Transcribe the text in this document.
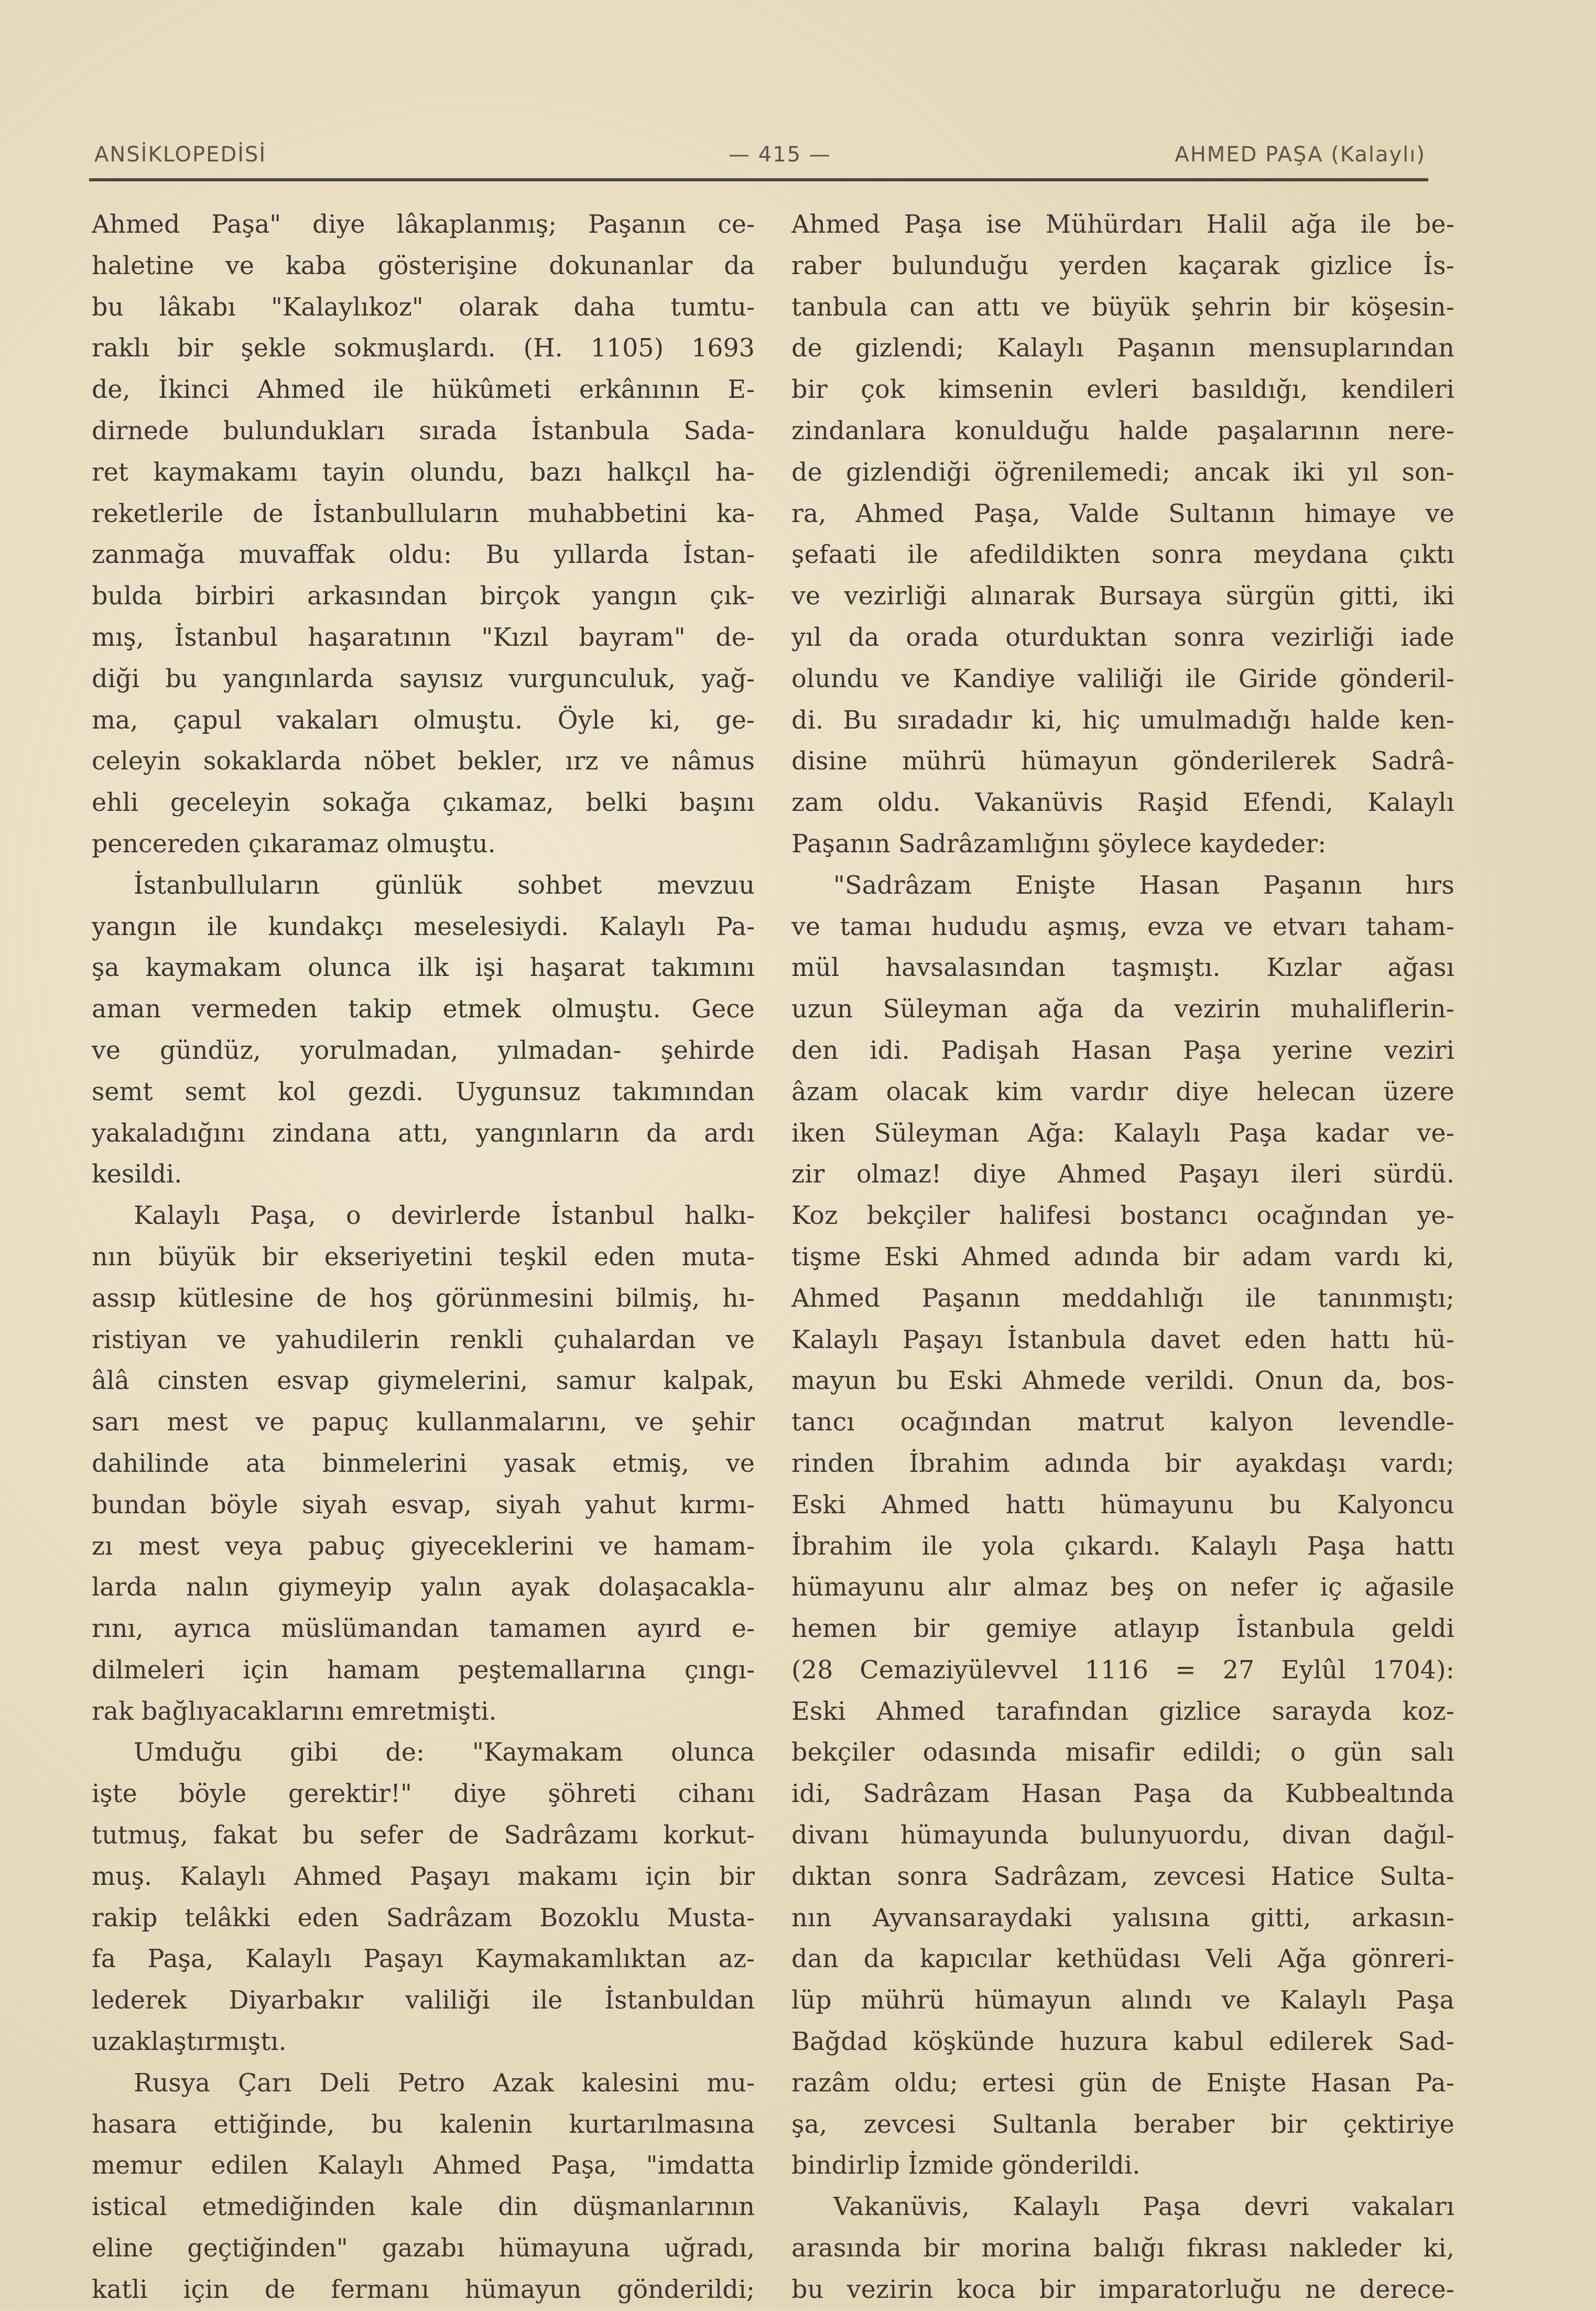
ANSİKLOPEDİSİ	— 415 —	AHMED PAŞA (Kalaylı)
Ahmed Paşa" diye lâkaplanmış; Paşanın ce-
haletine ve kaba gösterişine dokunanlar da
bu lâkabı "Kalaylıkoz" olarak daha tumtu-
raklı bir şekle sokmuşlardı. (H. 1105) 1693
de, İkinci Ahmed ile hükûmeti erkânının E-
dirnede bulundukları sırada İstanbula Sada-
ret kaymakamı tayin olundu, bazı halkçıl ha-
reketlerile de İstanbulluların muhabbetini ka-
zanmağa muvaffak oldu: Bu yıllarda İstan-
bulda birbiri arkasından birçok yangın çık-
mış, İstanbul haşaratının "Kızıl bayram" de-
diği bu yangınlarda sayısız vurgunculuk, yağ-
ma, çapul vakaları olmuştu. Öyle ki, ge-
celeyin sokaklarda nöbet bekler, ırz ve nâmus
ehli geceleyin sokağa çıkamaz, belki başını
pencereden çıkaramaz olmuştu.
İstanbulluların günlük sohbet mevzuu
yangın ile kundakçı meselesiydi. Kalaylı Pa-
şa kaymakam olunca ilk işi haşarat takımını
aman vermeden takip etmek olmuştu. Gece
ve gündüz, yorulmadan, yılmadan- şehirde
semt semt kol gezdi. Uygunsuz takımından
yakaladığını zindana attı, yangınların da ardı
kesildi.
Kalaylı Paşa, o devirlerde İstanbul halkı-
nın büyük bir ekseriyetini teşkil eden muta-
assıp kütlesine de hoş görünmesini bilmiş, hı-
ristiyan ve yahudilerin renkli çuhalardan ve
âlâ cinsten esvap giymelerini, samur kalpak,
sarı mest ve papuç kullanmalarını, ve şehir
dahilinde ata binmelerini yasak etmiş, ve
bundan böyle siyah esvap, siyah yahut kırmı-
zı mest veya pabuç giyeceklerini ve hamam-
larda nalın giymeyip yalın ayak dolaşacakla-
rını, ayrıca müslümandan tamamen ayırd e-
dilmeleri için hamam peştemallarına çıngı-
rak bağlıyacaklarını emretmişti.
Umduğu gibi de: "Kaymakam olunca
işte böyle gerektir!" diye şöhreti cihanı
tutmuş, fakat bu sefer de Sadrâzamı korkut-
muş. Kalaylı Ahmed Paşayı makamı için bir
rakip telâkki eden Sadrâzam Bozoklu Musta-
fa Paşa, Kalaylı Paşayı Kaymakamlıktan az-
lederek Diyarbakır valiliği ile İstanbuldan
uzaklaştırmıştı.
Rusya Çarı Deli Petro Azak kalesini mu-
hasara ettiğinde, bu kalenin kurtarılmasına
memur edilen Kalaylı Ahmed Paşa, "imdatta
istical etmediğinden kale din düşmanlarının
eline geçtiğinden" gazabı hümayuna uğradı,
katli için de fermanı hümayun gönderildi;
Ahmed Paşa ise Mühürdarı Halil ağa ile be-
raber bulunduğu yerden kaçarak gizlice İs-
tanbula can attı ve büyük şehrin bir köşesin-
de gizlendi; Kalaylı Paşanın mensuplarından
bir çok kimsenin evleri basıldığı, kendileri
zindanlara konulduğu halde paşalarının nere-
de gizlendiği öğrenilemedi; ancak iki yıl son-
ra, Ahmed Paşa, Valde Sultanın himaye ve
şefaati ile afedildikten sonra meydana çıktı
ve vezirliği alınarak Bursaya sürgün gitti, iki
yıl da orada oturduktan sonra vezirliği iade
olundu ve Kandiye valiliği ile Giride gönderil-
di. Bu sıradadır ki, hiç umulmadığı halde ken-
disine mührü hümayun gönderilerek Sadrâ-
zam oldu. Vakanüvis Raşid Efendi, Kalaylı
Paşanın Sadrâzamlığını şöylece kaydeder:
"Sadrâzam Enişte Hasan Paşanın hırs
ve tamaı hududu aşmış, evza ve etvarı taham-
mül havsalasından taşmıştı. Kızlar ağası
uzun Süleyman ağa da vezirin muhaliflerin-
den idi. Padişah Hasan Paşa yerine veziri
âzam olacak kim vardır diye helecan üzere
iken Süleyman Ağa: Kalaylı Paşa kadar ve-
zir olmaz! diye Ahmed Paşayı ileri sürdü.
Koz bekçiler halifesi bostancı ocağından ye-
tişme Eski Ahmed adında bir adam vardı ki,
Ahmed Paşanın meddahlığı ile tanınmıştı;
Kalaylı Paşayı İstanbula davet eden hattı hü-
mayun bu Eski Ahmede verildi. Onun da, bos-
tancı ocağından matrut kalyon levendle-
rinden İbrahim adında bir ayakdaşı vardı;
Eski Ahmed hattı hümayunu bu Kalyoncu
İbrahim ile yola çıkardı. Kalaylı Paşa hattı
hümayunu alır almaz beş on nefer iç ağasile
hemen bir gemiye atlayıp İstanbula geldi
(28 Cemaziyülevvel 1116 = 27 Eylûl 1704):
Eski Ahmed tarafından gizlice sarayda koz-
bekçiler odasında misafir edildi; o gün salı
idi, Sadrâzam Hasan Paşa da Kubbealtında
divanı hümayunda bulunyuordu, divan dağıl-
dıktan sonra Sadrâzam, zevcesi Hatice Sulta-
nın Ayvansaraydaki yalısına gitti, arkasın-
dan da kapıcılar kethüdası Veli Ağa gönreri-
lüp mührü hümayun alındı ve Kalaylı Paşa
Bağdad köşkünde huzura kabul edilerek Sad-
razâm oldu; ertesi gün de Enişte Hasan Pa-
şa, zevcesi Sultanla beraber bir çektiriye
bindirlip İzmide gönderildi.
Vakanüvis, Kalaylı Paşa devri vakaları
arasında bir morina balığı fıkrası nakleder ki,
bu vezirin koca bir imparatorluğu ne derece-
